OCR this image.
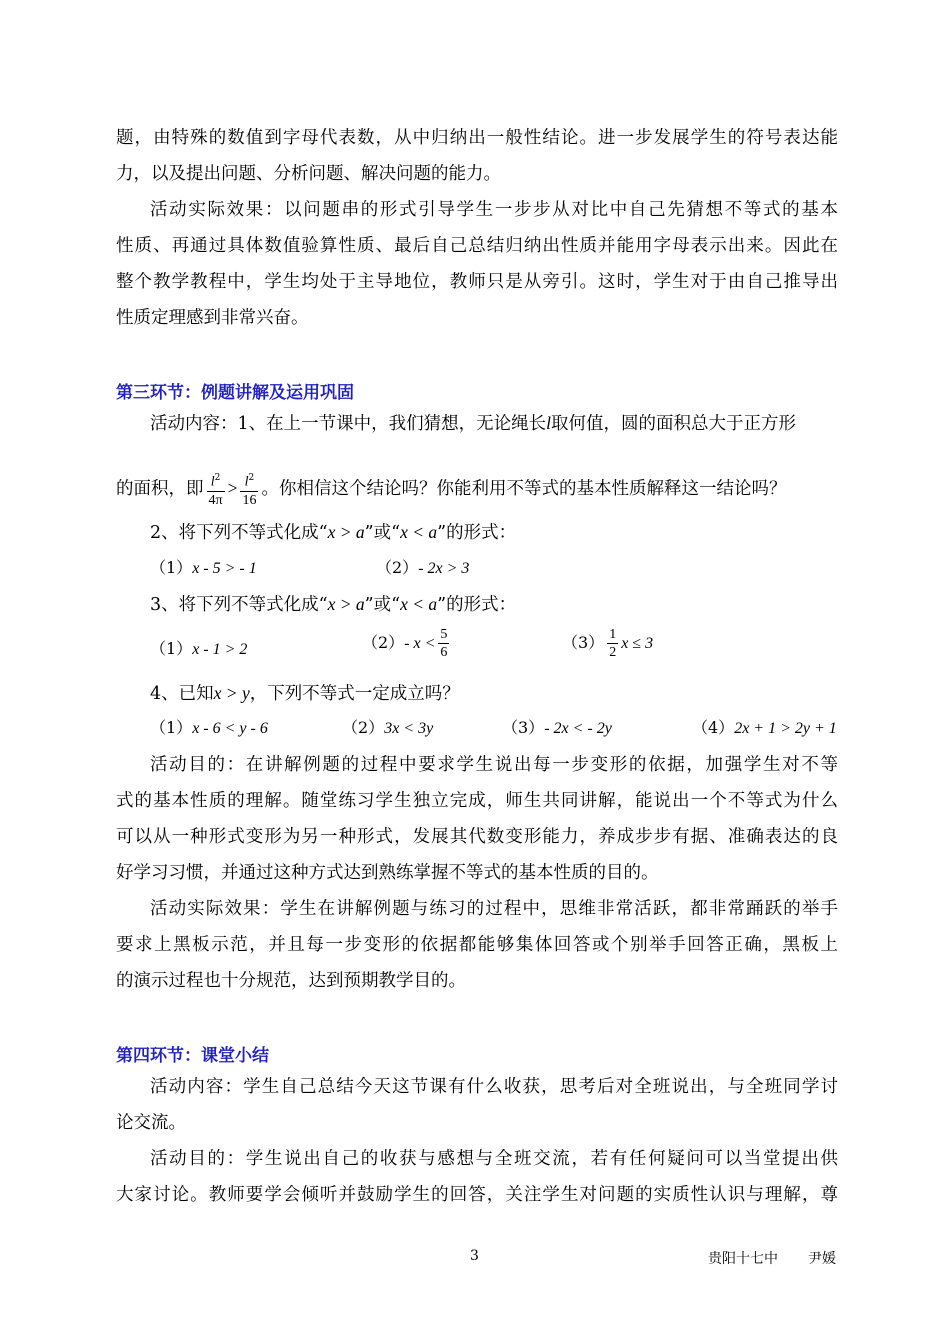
题，由特殊的数值到字母代表数，从中归纳出一般性结论。进一步发展学生的符号表达能
力，以及提出问题、分析问题、解决问题的能力。
活动实际效果：以问题串的形式引导学生一步步从对比中自己先猜想不等式的基本
性质、再通过具体数值验算性质、最后自己总结归纳出性质并能用字母表示出来。因此在
整个教学教程中，学生均处于主导地位，教师只是从旁引。这时，学生对于由自己推导出
性质定理感到非常兴奋。
第三环节：例题讲解及运用巩固
活动内容：1、在上一节课中，我们猜想，无论绳长l取何值，圆的面积总大于正方形
的面积，即 $\frac{l^2}{4\pi} > \frac{l^2}{16}$ 。你相信这个结论吗？你能利用不等式的基本性质解释这一结论吗？
2、将下列不等式化成“x > a”或“x < a”的形式：
（1）x - 5 > - 1	（2）- 2x > 3
3、将下列不等式化成“x > a”或“x < a”的形式：
（1）x - 1 > 2	（2）- $x < \frac{5}{6}$	$(3) \frac{1}{2}$ x ≤ 3
4、已知x > y，下列不等式一定成立吗？
（1）x - 6 < y - 6	（2）3x < 3y	（3）- 2x < - 2y	（4）2x + 1 > 2y + 1
活动目的：在讲解例题的过程中要求学生说出每一步变形的依据，加强学生对不等
式的基本性质的理解。随堂练习学生独立完成，师生共同讲解，能说出一个不等式为什么
可以从一种形式变形为另一种形式，发展其代数变形能力，养成步步有据、准确表达的良
好学习习惯，并通过这种方式达到熟练掌握不等式的基本性质的目的。
活动实际效果：学生在讲解例题与练习的过程中，思维非常活跃，都非常踊跃的举手
要求上黑板示范，并且每一步变形的依据都能够集体回答或个别举手回答正确，黑板上
的演示过程也十分规范，达到预期教学目的。
第四环节：课堂小结
活动内容：学生自己总结今天这节课有什么收获，思考后对全班说出，与全班同学讨
论交流。
活动目的：学生说出自己的收获与感想与全班交流，若有任何疑问可以当堂提出供
大家讨论。教师要学会倾听并鼓励学生的回答，关注学生对问题的实质性认识与理解，尊
3	贵阳十七中 尹媛
